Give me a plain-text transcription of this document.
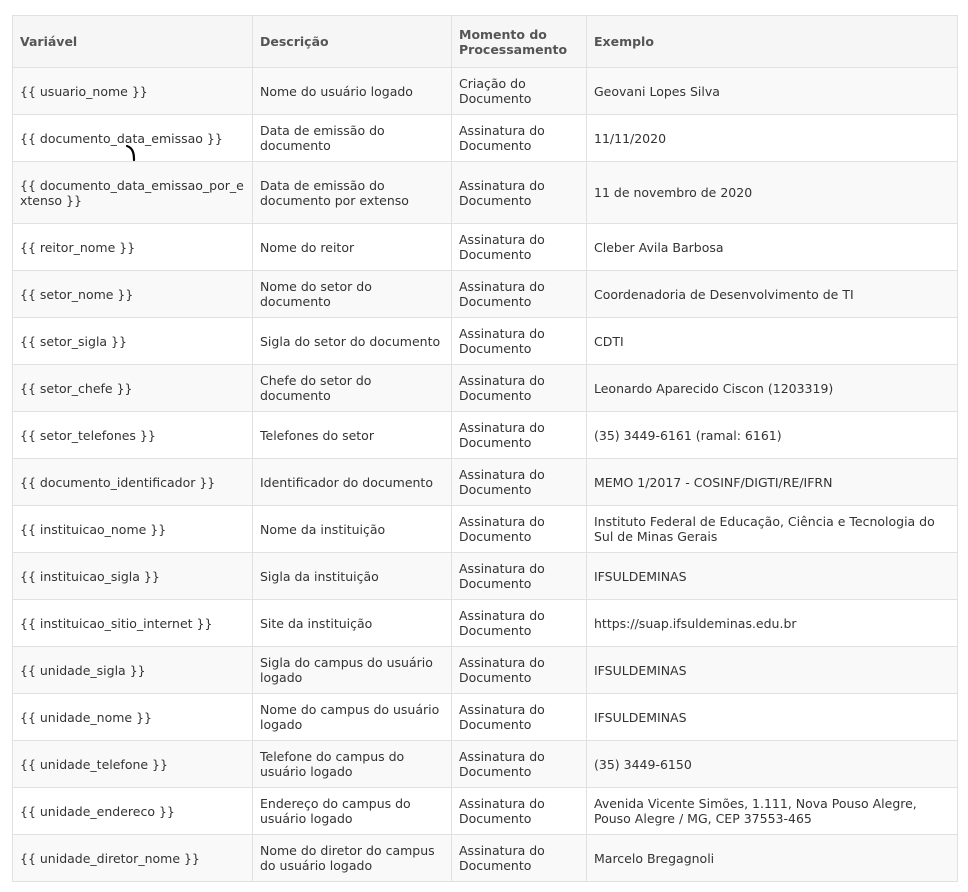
Variável	Descrição	Momento do Processamento	Exemplo
{{ usuario_nome }}	Nome do usuário logado	Criação do Documento	Geovani Lopes Silva
{{ documento_data_emissao }}	Data de emissão do documento	Assinatura do Documento	11/11/2020
{{ documento_data_emissao_por_extenso }}	Data de emissão do documento por extenso	Assinatura do Documento	11 de novembro de 2020
{{ reitor_nome }}	Nome do reitor	Assinatura do Documento	Cleber Avila Barbosa
{{ setor_nome }}	Nome do setor do documento	Assinatura do Documento	Coordenadoria de Desenvolvimento de TI
{{ setor_sigla }}	Sigla do setor do documento	Assinatura do Documento	CDTI
{{ setor_chefe }}	Chefe do setor do documento	Assinatura do Documento	Leonardo Aparecido Ciscon (1203319)
{{ setor_telefones }}	Telefones do setor	Assinatura do Documento	(35) 3449-6161 (ramal: 6161)
{{ documento_identificador }}	Identificador do documento	Assinatura do Documento	MEMO 1/2017 - COSINF/DIGTI/RE/IFRN
{{ instituicao_nome }}	Nome da instituição	Assinatura do Documento	Instituto Federal de Educação, Ciência e Tecnologia do Sul de Minas Gerais
{{ instituicao_sigla }}	Sigla da instituição	Assinatura do Documento	IFSULDEMINAS
{{ instituicao_sitio_internet }}	Site da instituição	Assinatura do Documento	https://suap.ifsuldeminas.edu.br
{{ unidade_sigla }}	Sigla do campus do usuário logado	Assinatura do Documento	IFSULDEMINAS
{{ unidade_nome }}	Nome do campus do usuário logado	Assinatura do Documento	IFSULDEMINAS
{{ unidade_telefone }}	Telefone do campus do usuário logado	Assinatura do Documento	(35) 3449-6150
{{ unidade_endereco }}	Endereço do campus do usuário logado	Assinatura do Documento	Avenida Vicente Simões, 1.111, Nova Pouso Alegre, Pouso Alegre / MG, CEP 37553-465
{{ unidade_diretor_nome }}	Nome do diretor do campus do usuário logado	Assinatura do Documento	Marcelo Bregagnoli
